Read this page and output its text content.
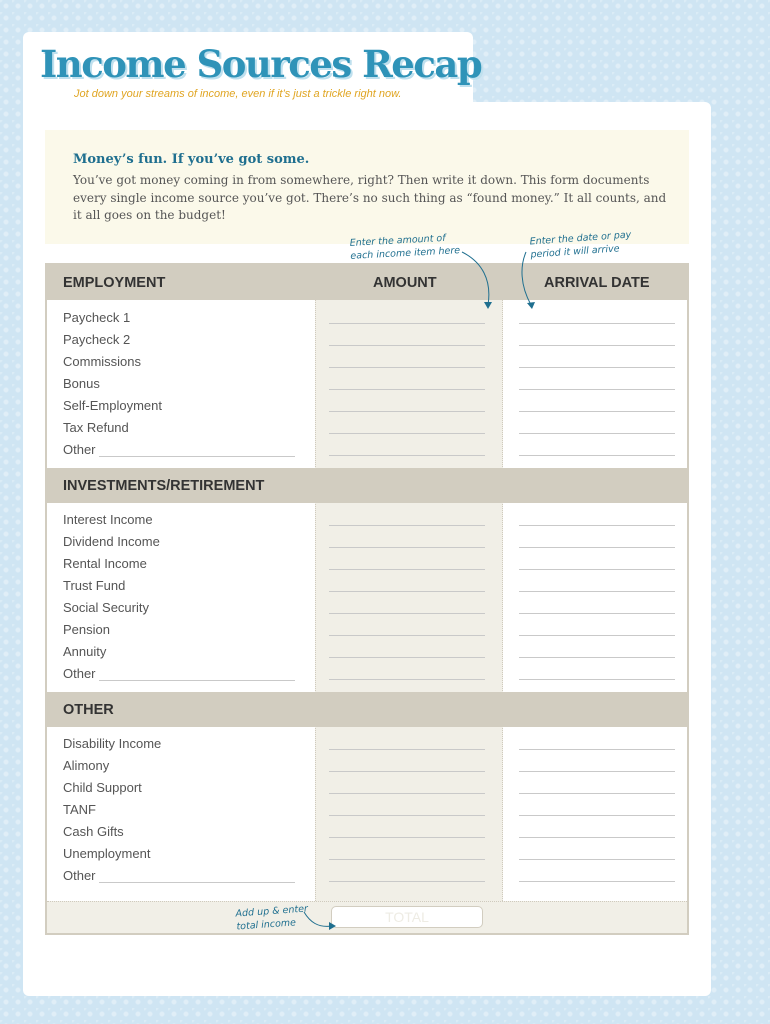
Income Sources Recap
Jot down your streams of income, even if it’s just a trickle right now.
Money’s fun. If you’ve got some.
You’ve got money coming in from somewhere, right? Then write it down. This form documents every single income source you’ve got. There’s no such thing as “found money.” It all counts, and it all goes on the budget!
Enter the amount of
each income item here
Enter the date or pay
period it will arrive
EMPLOYMENT	AMOUNT	ARRIVAL DATE
Paycheck 1
Paycheck 2
Commissions
Bonus
Self-Employment
Tax Refund
Other
INVESTMENTS/RETIREMENT
Interest Income
Dividend Income
Rental Income
Trust Fund
Social Security
Pension
Annuity
Other
OTHER
Disability Income
Alimony
Child Support
TANF
Cash Gifts
Unemployment
Other
TOTAL
Add up & enter
total income
